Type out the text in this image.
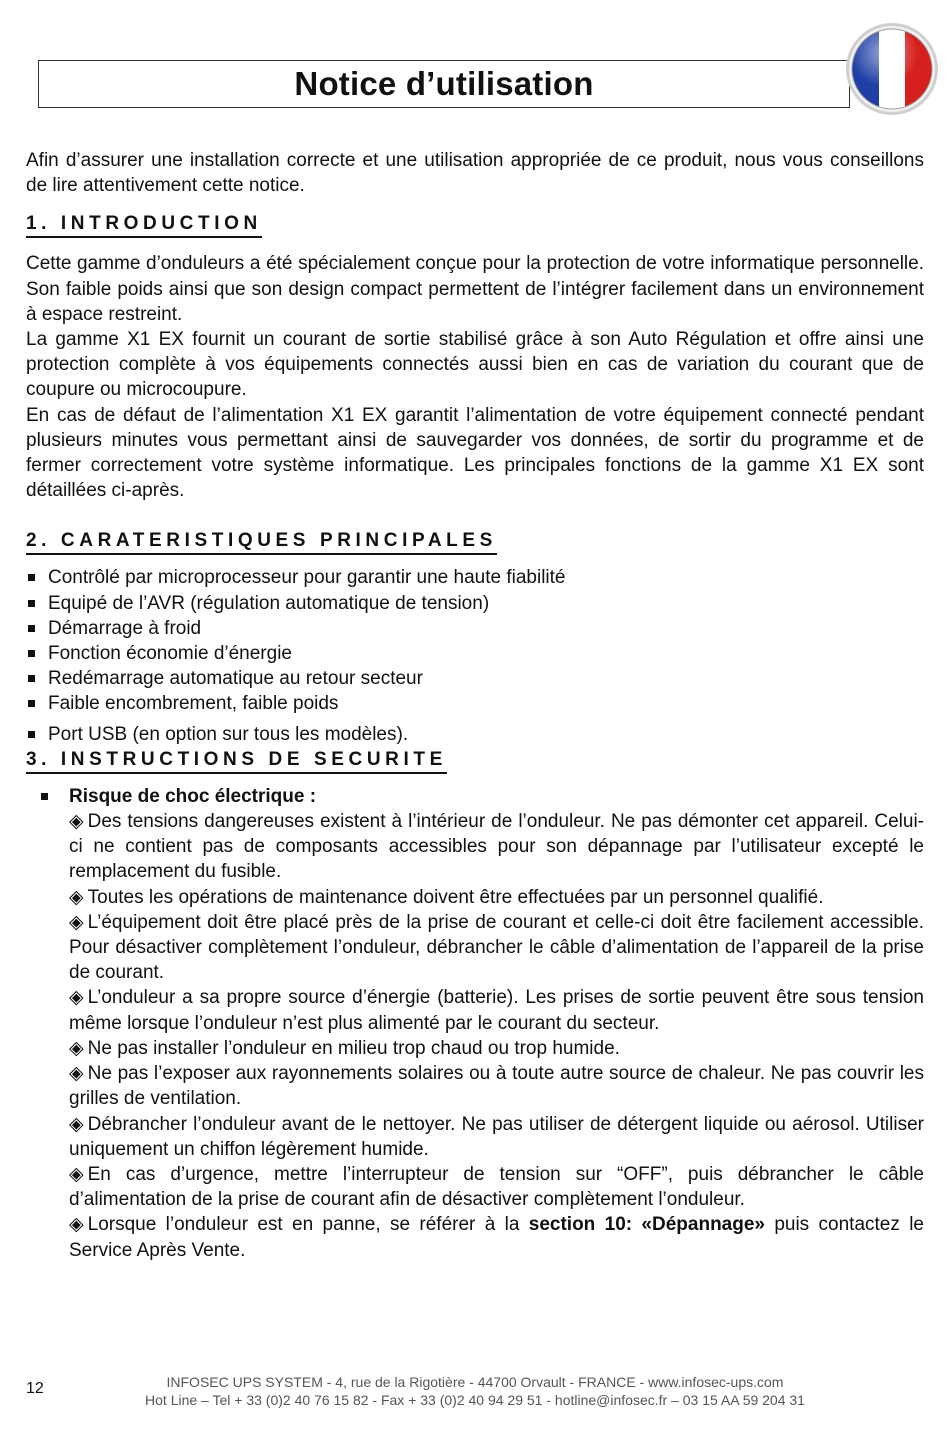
Notice d’utilisation

Afin d’assurer une installation correcte et une utilisation appropriée de ce produit, nous vous conseillons de lire attentivement cette notice.

1. INTRODUCTION

Cette gamme d’onduleurs a été spécialement conçue pour la protection de votre informatique personnelle. Son faible poids ainsi que son design compact permettent de l’intégrer facilement dans un environnement à espace restreint.

La gamme X1 EX fournit un courant de sortie stabilisé grâce à son Auto Régulation et offre ainsi une protection complète à vos équipements connectés aussi bien en cas de variation du courant que de coupure ou microcoupure.

En cas de défaut de l’alimentation X1 EX garantit l’alimentation de votre équipement connecté pendant plusieurs minutes vous permettant ainsi de sauvegarder vos données, de sortir du programme et de fermer correctement votre système informatique. Les principales fonctions de la gamme X1 EX sont détaillées ci-après.

2. CARATERISTIQUES PRINCIPALES
Contrôlé par microprocesseur pour garantir une haute fiabilité
Equipé de l’AVR (régulation automatique de tension)
Démarrage à froid
Fonction économie d’énergie
Redémarrage automatique au retour secteur
Faible encombrement, faible poids
Port USB (en option sur tous les modèles).
3. INSTRUCTIONS DE SECURITE

Risque de choc électrique :

◈ Des tensions dangereuses existent à l’intérieur de l’onduleur. Ne pas démonter cet appareil. Celui-ci ne contient pas de composants accessibles pour son dépannage par l’utilisateur excepté le remplacement du fusible.

◈ Toutes les opérations de maintenance doivent être effectuées par un personnel qualifié.

◈ L’équipement doit être placé près de la prise de courant et celle-ci doit être facilement accessible. Pour désactiver complètement l’onduleur, débrancher le câble d’alimentation de l’appareil de la prise de courant.

◈ L’onduleur a sa propre source d’énergie (batterie). Les prises de sortie peuvent être sous tension même lorsque l’onduleur n’est plus alimenté par le courant du secteur.

◈ Ne pas installer l’onduleur en milieu trop chaud ou trop humide.

◈ Ne pas l’exposer aux rayonnements solaires ou à toute autre source de chaleur. Ne pas couvrir les grilles de ventilation.

◈ Débrancher l’onduleur avant de le nettoyer. Ne pas utiliser de détergent liquide ou aérosol. Utiliser uniquement un chiffon légèrement humide.

◈ En cas d’urgence, mettre l’interrupteur de tension sur “OFF”, puis débrancher le câble d’alimentation de la prise de courant afin de désactiver complètement l’onduleur.

◈ Lorsque l’onduleur est en panne, se référer à la section 10: «Dépannage» puis contactez le Service Après Vente.

12	INFOSEC UPS SYSTEM - 4, rue de la Rigotière - 44700 Orvault - FRANCE - www.infosec-ups.com
Hot Line – Tel + 33 (0)2 40 76 15 82 - Fax + 33 (0)2 40 94 29 51 - hotline@infosec.fr – 03 15 AA 59 204 31
